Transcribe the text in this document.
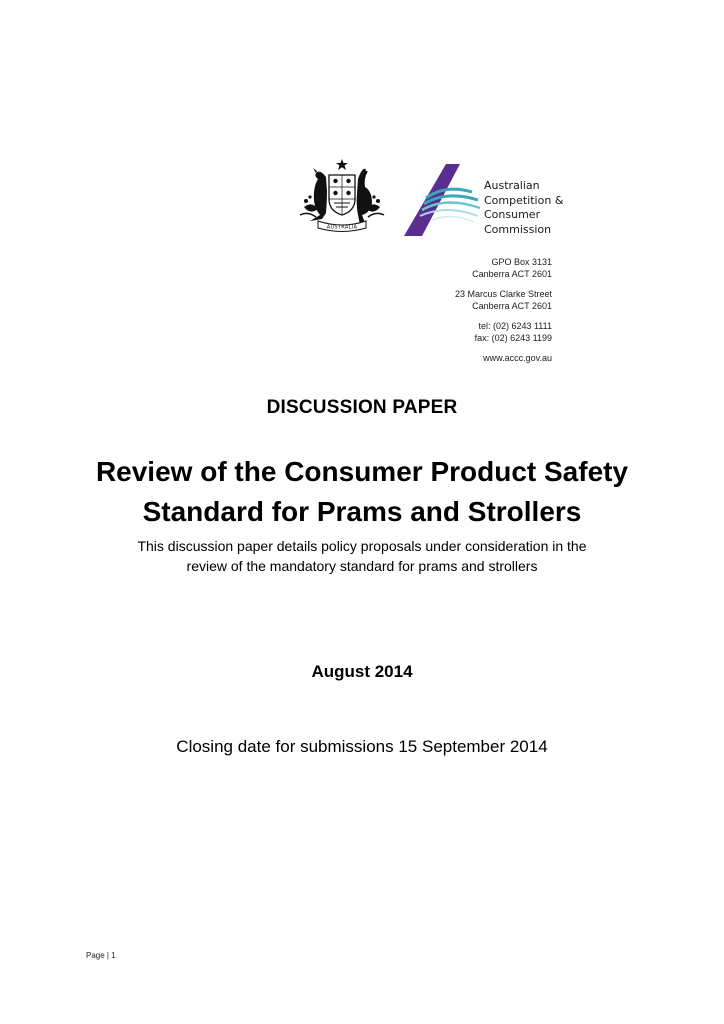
AUSTRALIA
Australian
Competition &
Consumer
Commission
GPO Box 3131
Canberra ACT 2601
23 Marcus Clarke Street
Canberra ACT 2601
tel: (02) 6243 1111
fax: (02) 6243 1199
www.accc.gov.au
DISCUSSION PAPER
Review of the Consumer Product Safety
Standard for Prams and Strollers
This discussion paper details policy proposals under consideration in the
review of the mandatory standard for prams and strollers
August 2014
Closing date for submissions 15 September 2014
Page | 1
